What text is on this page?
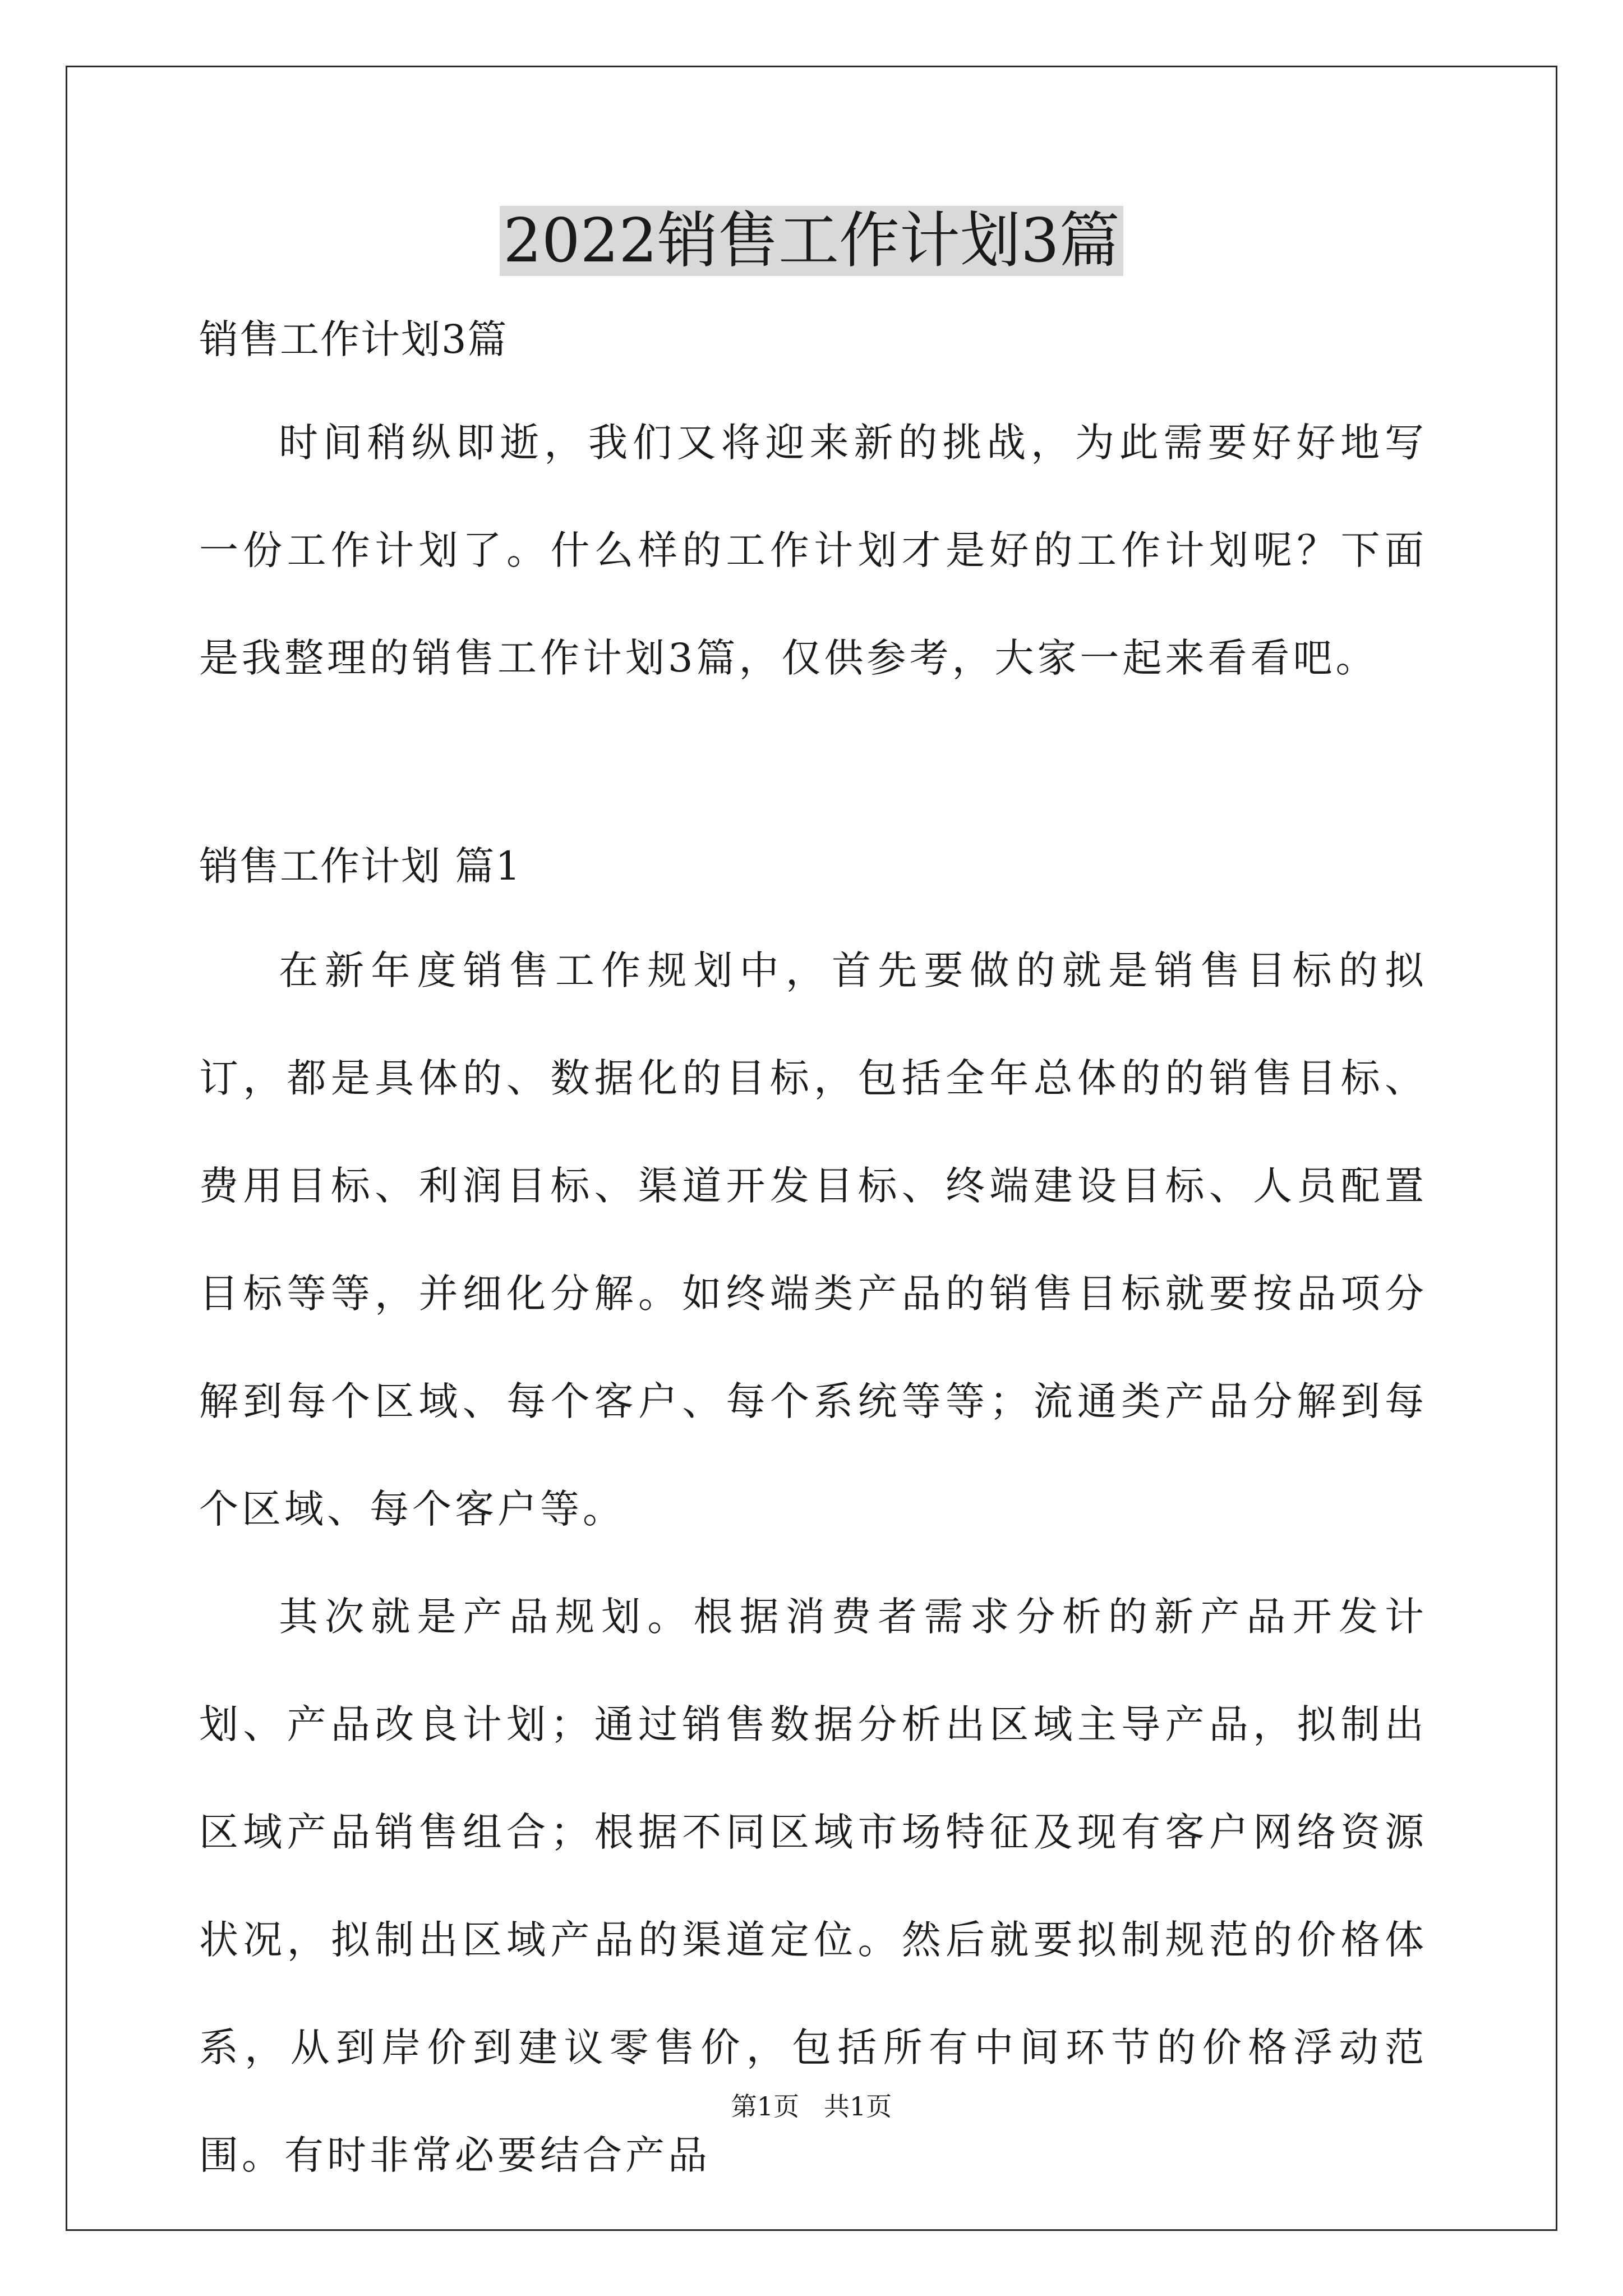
2022销售工作计划3篇
销售工作计划3篇

时间稍纵即逝，我们又将迎来新的挑战，为此需要好好地写一份工作计划了。什么样的工作计划才是好的工作计划呢？下面是我整理的销售工作计划3篇，仅供参考，大家一起来看看吧。

销售工作计划 篇1

在新年度销售工作规划中，首先要做的就是销售目标的拟订，都是具体的、数据化的目标，包括全年总体的的销售目标、费用目标、利润目标、渠道开发目标、终端建设目标、人员配置目标等等，并细化分解。如终端类产品的销售目标就要按品项分解到每个区域、每个客户、每个系统等等；流通类产品分解到每个区域、每个客户等。

其次就是产品规划。根据消费者需求分析的新产品开发计划、产品改良计划；通过销售数据分析出区域主导产品，拟制出区域产品销售组合；根据不同区域市场特征及现有客户网络资源状况，拟制出区域产品的渠道定位。然后就要拟制规范的价格体系，从到岸价到建议零售价，包括所有中间环节的价格浮动范围。有时非常必要结合产品

第1页   共1页
